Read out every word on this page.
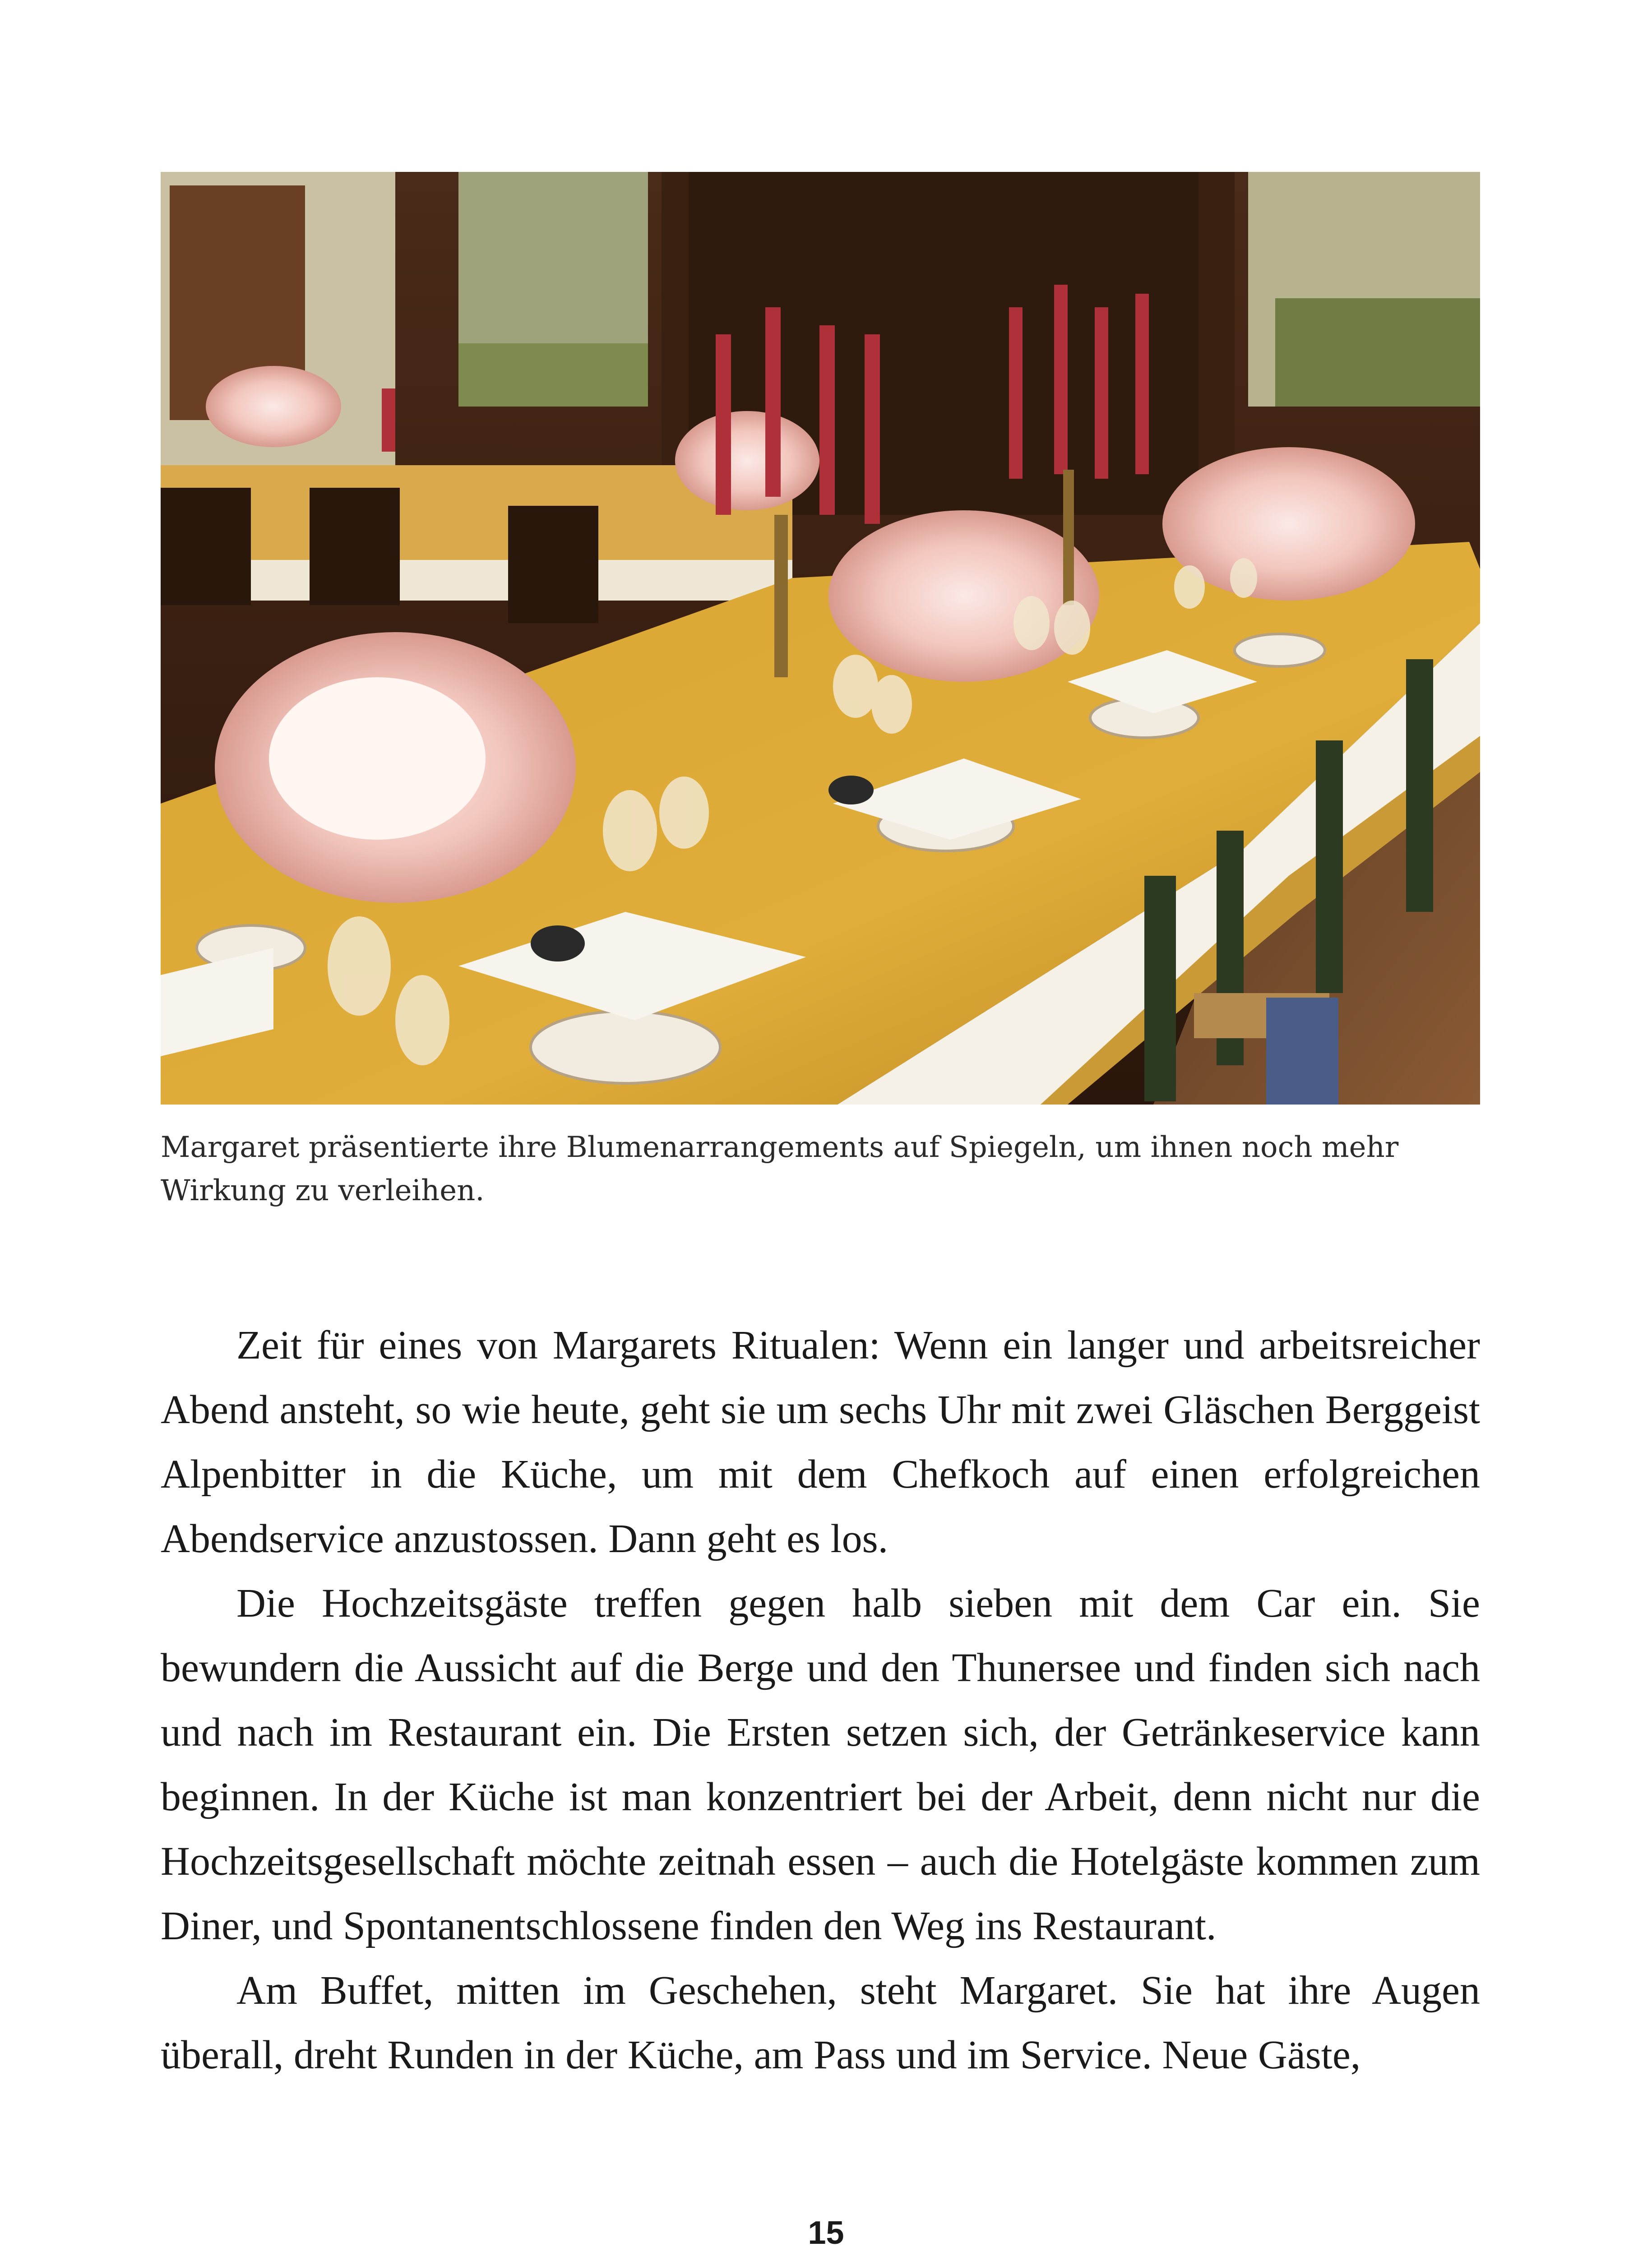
Margaret präsentierte ihre Blumenarrangements auf Spiegeln, um ihnen noch mehr Wirkung zu verleihen.

Zeit für eines von Margarets Ritualen: Wenn ein langer und arbeitsreicher Abend ansteht, so wie heute, geht sie um sechs Uhr mit zwei Gläschen Berggeist Alpenbitter in die Küche, um mit dem Chefkoch auf einen erfolgreichen Abendservice anzustossen. Dann geht es los.

Die Hochzeitsgäste treffen gegen halb sieben mit dem Car ein. Sie bewundern die Aussicht auf die Berge und den Thunersee und finden sich nach und nach im Restaurant ein. Die Ersten setzen sich, der Getränkeservice kann beginnen. In der Küche ist man konzentriert bei der Arbeit, denn nicht nur die Hochzeitsgesellschaft möchte zeitnah essen – auch die Hotelgäste kommen zum Diner, und Spontanentschlossene finden den Weg ins Restaurant.

Am Buffet, mitten im Geschehen, steht Margaret. Sie hat ihre Augen überall, dreht Runden in der Küche, am Pass und im Service. Neue Gäste,

15
